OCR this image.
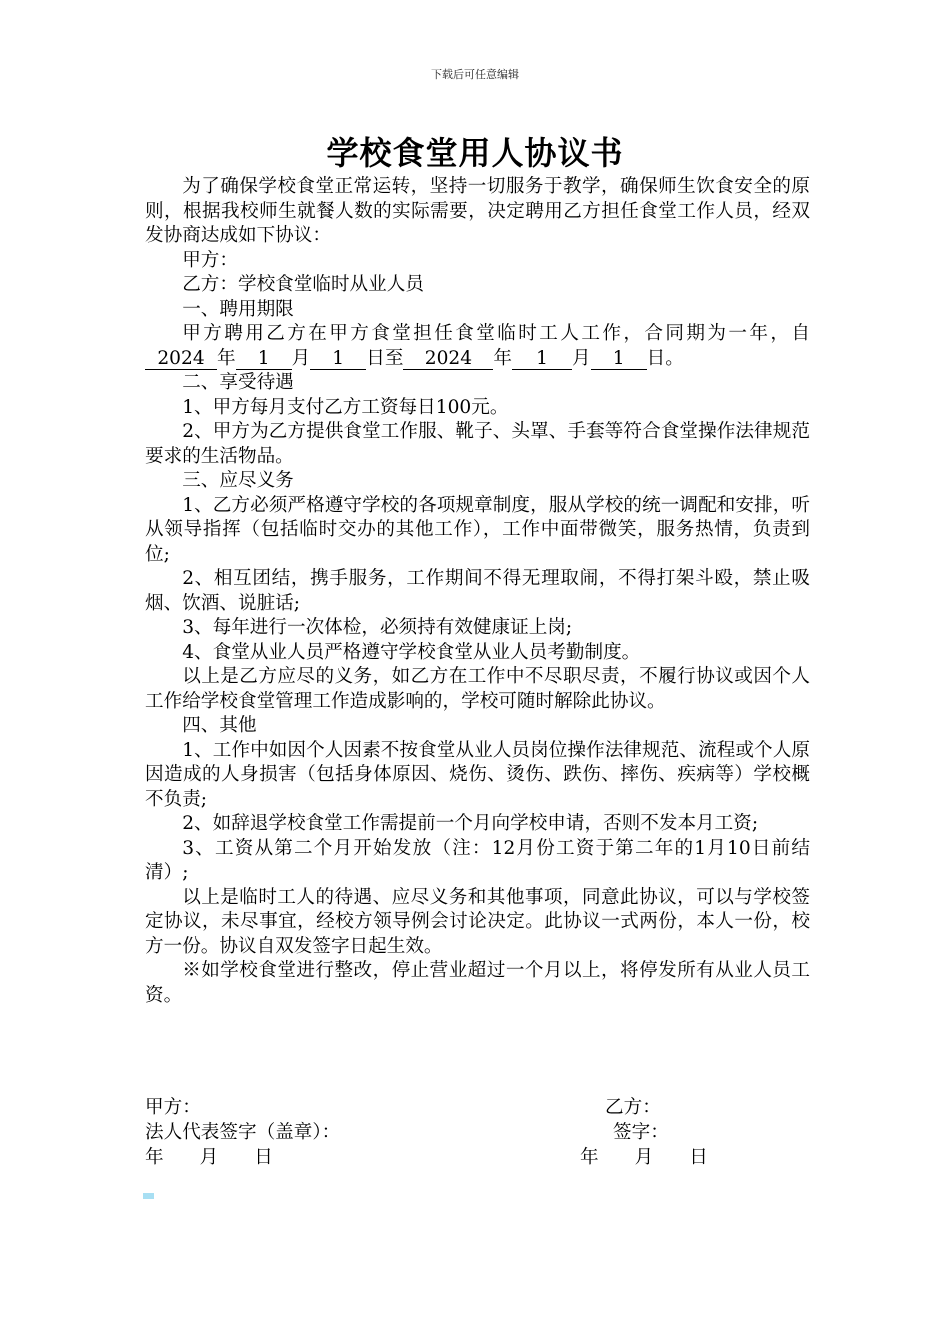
下载后可任意编辑
学校食堂用人协议书

为了确保学校食堂正常运转，坚持一切服务于教学，确保师生饮食安全的原则，根据我校师生就餐人数的实际需要，决定聘用乙方担任食堂工作人员，经双发协商达成如下协议：

甲方：

乙方：学校食堂临时从业人员

一、聘用期限

甲方聘用乙方在甲方食堂担任食堂临时工人工作，合同期为一年，自2024 年 1 月 1 日至 2024 年 1 月 1 日。

二、享受待遇

1、甲方每月支付乙方工资每日100元。

2、甲方为乙方提供食堂工作服、靴子、头罩、手套等符合食堂操作法律规范要求的生活物品。

三、应尽义务

1、乙方必须严格遵守学校的各项规章制度，服从学校的统一调配和安排，听从领导指挥（包括临时交办的其他工作），工作中面带微笑，服务热情，负责到位;

2、相互团结，携手服务，工作期间不得无理取闹，不得打架斗殴，禁止吸烟、饮酒、说脏话;

3、每年进行一次体检，必须持有效健康证上岗;

4、食堂从业人员严格遵守学校食堂从业人员考勤制度。

以上是乙方应尽的义务，如乙方在工作中不尽职尽责，不履行协议或因个人工作给学校食堂管理工作造成影响的，学校可随时解除此协议。

四、其他

1、工作中如因个人因素不按食堂从业人员岗位操作法律规范、流程或个人原因造成的人身损害（包括身体原因、烧伤、烫伤、跌伤、摔伤、疾病等）学校概不负责;

2、如辞退学校食堂工作需提前一个月向学校申请，否则不发本月工资;

3、工资从第二个月开始发放（注：12月份工资于第二年的1月10日前结清）;

以上是临时工人的待遇、应尽义务和其他事项，同意此协议，可以与学校签定协议，未尽事宜，经校方领导例会讨论决定。此协议一式两份，本人一份，校方一份。协议自双发签字日起生效。

※如学校食堂进行整改，停止营业超过一个月以上，将停发所有从业人员工资。

甲方：	乙方：
法人代表签字（盖章）：	签字：
年 月 日	年 月 日
